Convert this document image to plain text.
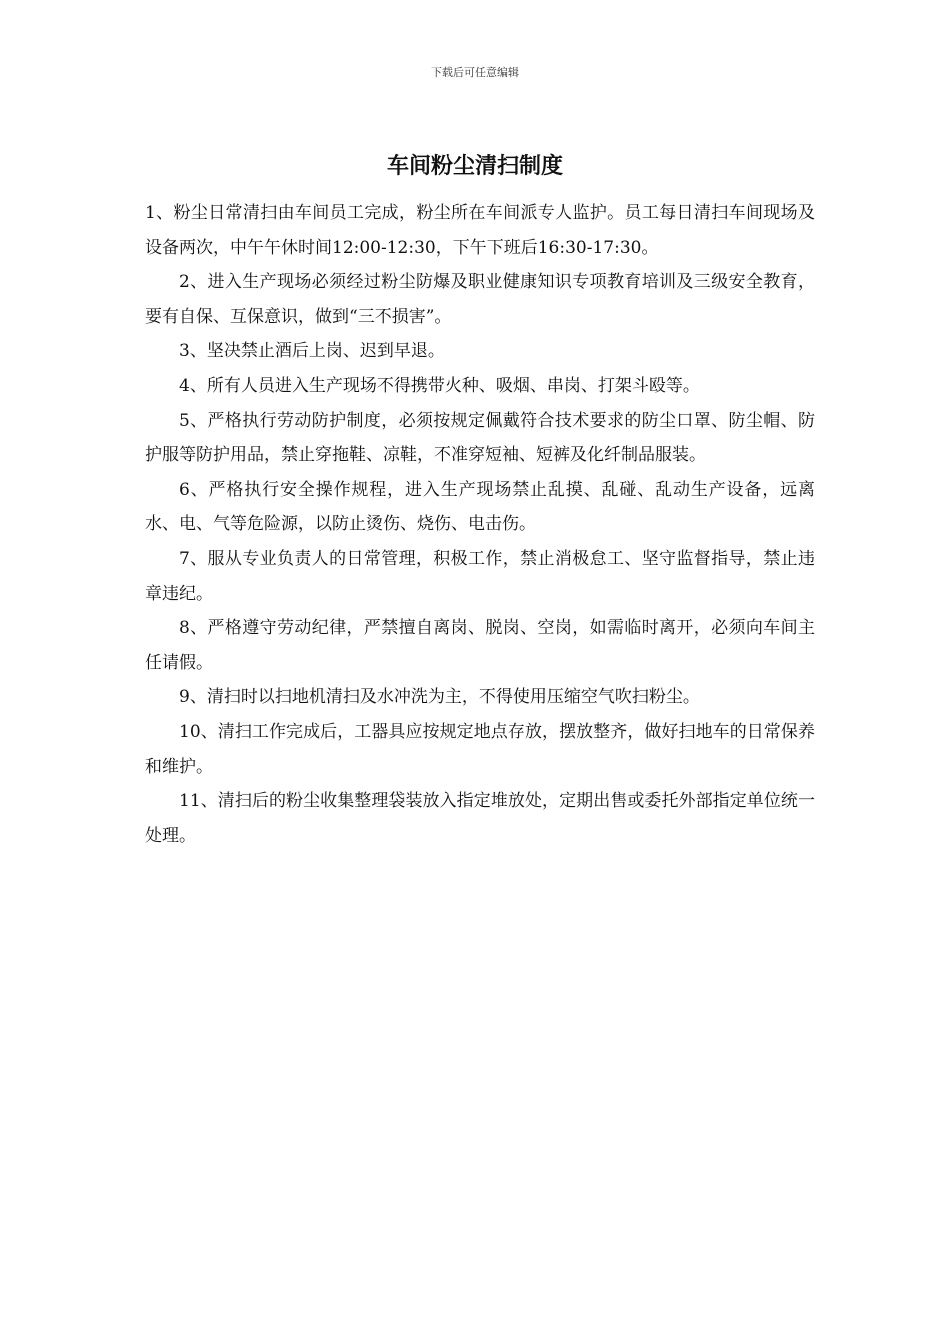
下载后可任意编辑
车间粉尘清扫制度

1、粉尘日常清扫由车间员工完成，粉尘所在车间派专人监护。员工每日清扫车间现场及设备两次，中午午休时间12:00-12:30，下午下班后16:30-17:30。

2、进入生产现场必须经过粉尘防爆及职业健康知识专项教育培训及三级安全教育，要有自保、互保意识，做到“三不损害”。

3、坚决禁止酒后上岗、迟到早退。

4、所有人员进入生产现场不得携带火种、吸烟、串岗、打架斗殴等。

5、严格执行劳动防护制度，必须按规定佩戴符合技术要求的防尘口罩、防尘帽、防护服等防护用品，禁止穿拖鞋、凉鞋，不准穿短袖、短裤及化纤制品服装。

6、严格执行安全操作规程，进入生产现场禁止乱摸、乱碰、乱动生产设备，远离水、电、气等危险源，以防止烫伤、烧伤、电击伤。

7、服从专业负责人的日常管理，积极工作，禁止消极怠工、坚守监督指导，禁止违章违纪。

8、严格遵守劳动纪律，严禁擅自离岗、脱岗、空岗，如需临时离开，必须向车间主任请假。

9、清扫时以扫地机清扫及水冲洗为主，不得使用压缩空气吹扫粉尘。

10、清扫工作完成后，工器具应按规定地点存放，摆放整齐，做好扫地车的日常保养和维护。

11、清扫后的粉尘收集整理袋装放入指定堆放处，定期出售或委托外部指定单位统一处理。
